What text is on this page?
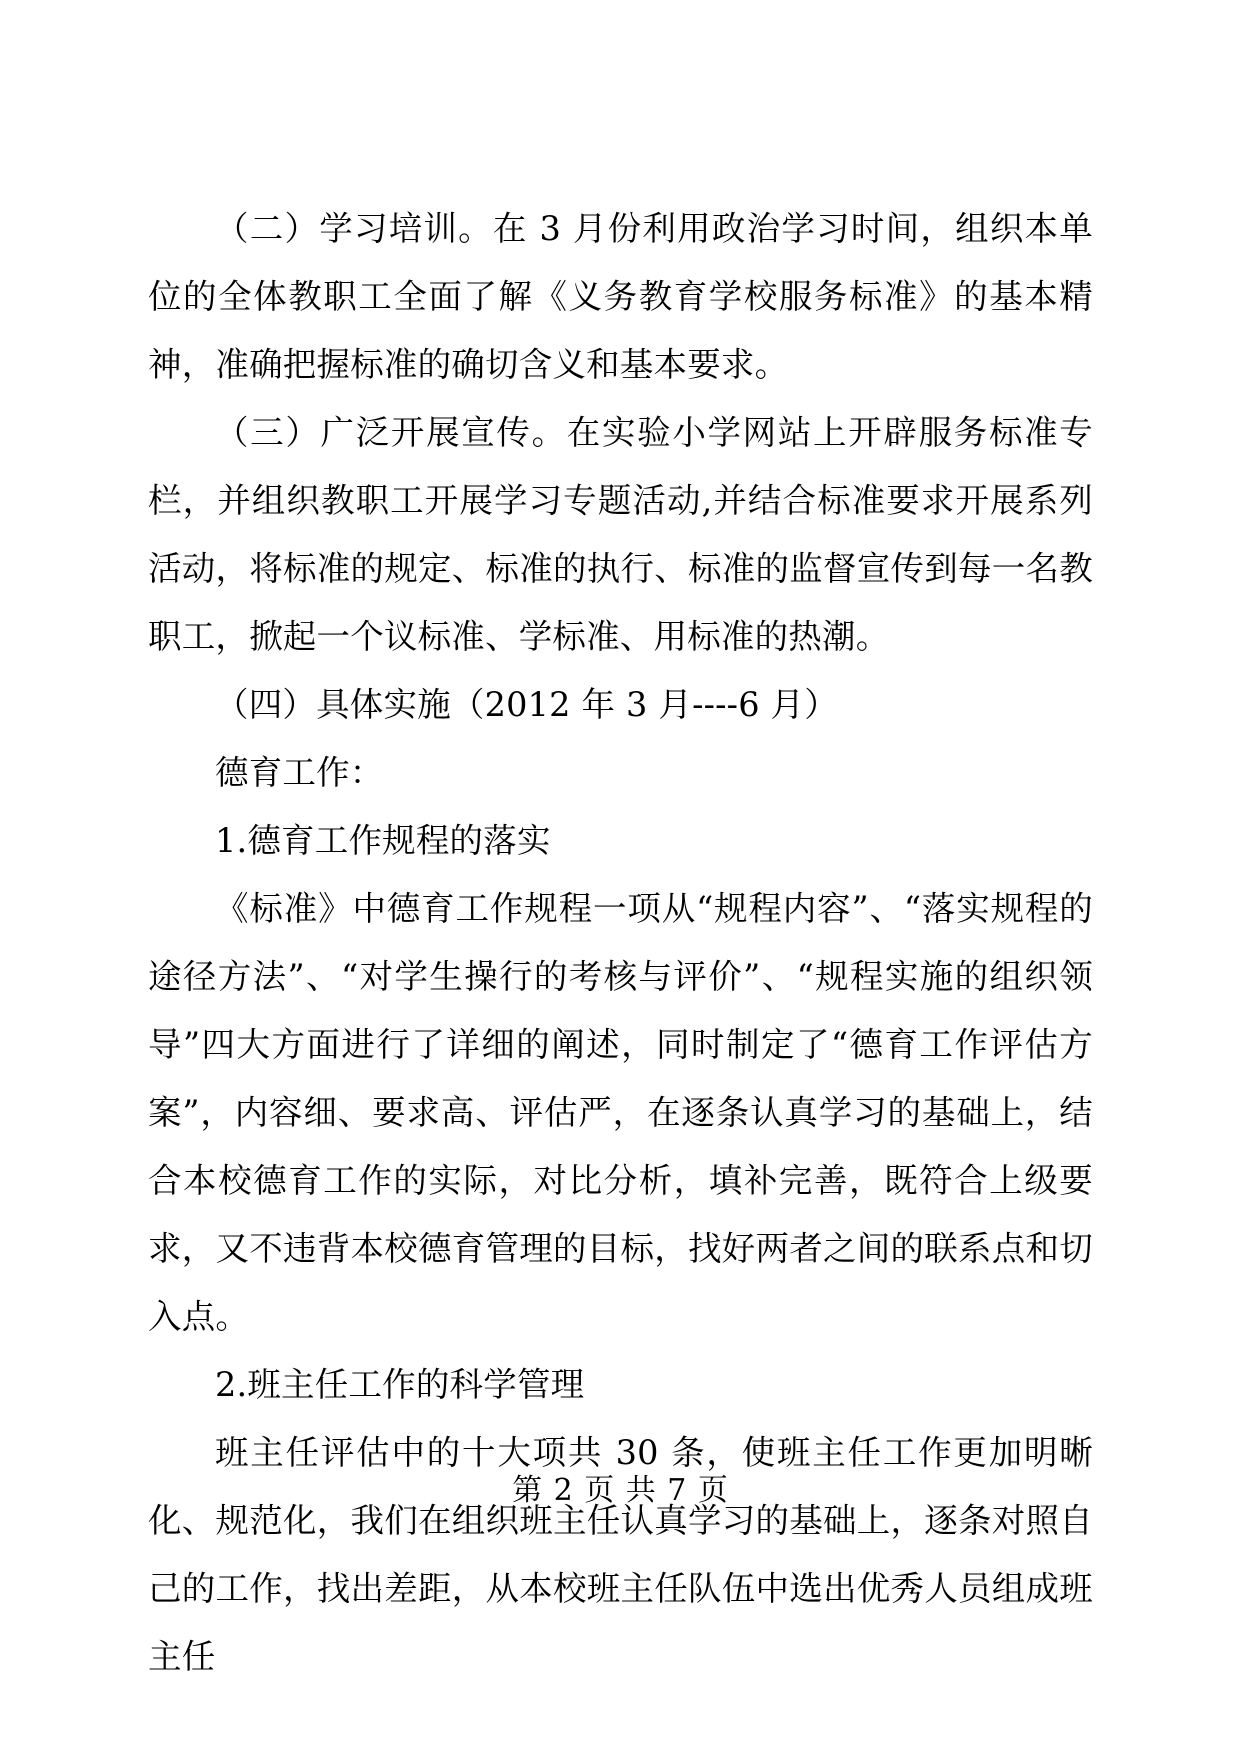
（二）学习培训。在 3 月份利用政治学习时间，组织本单位的全体教职工全面了解《义务教育学校服务标准》的基本精神，准确把握标准的确切含义和基本要求。

（三）广泛开展宣传。在实验小学网站上开辟服务标准专栏，并组织教职工开展学习专题活动,并结合标准要求开展系列活动，将标准的规定、标准的执行、标准的监督宣传到每一名教职工，掀起一个议标准、学标准、用标准的热潮。

（四）具体实施（2012 年 3 月----6 月）

德育工作：

1.德育工作规程的落实

《标准》中德育工作规程一项从“规程内容”、“落实规程的途径方法”、“对学生操行的考核与评价”、“规程实施的组织领导”四大方面进行了详细的阐述，同时制定了“德育工作评估方案”，内容细、要求高、评估严，在逐条认真学习的基础上，结合本校德育工作的实际，对比分析，填补完善，既符合上级要求，又不违背本校德育管理的目标，找好两者之间的联系点和切入点。

2.班主任工作的科学管理

班主任评估中的十大项共 30 条，使班主任工作更加明晰化、规范化，我们在组织班主任认真学习的基础上，逐条对照自己的工作，找出差距，从本校班主任队伍中选出优秀人员组成班主任

第 2 页 共 7 页
